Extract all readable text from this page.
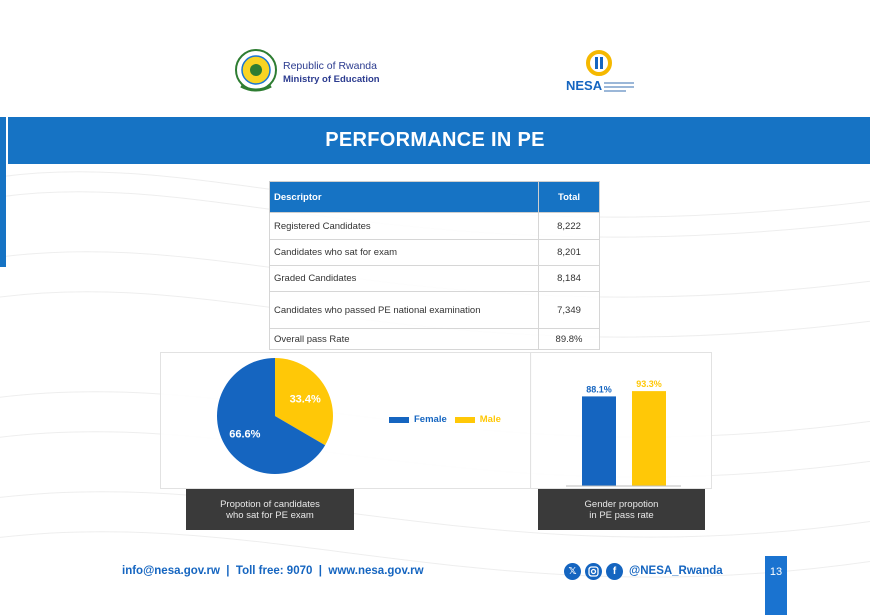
Republic of Rwanda
Ministry of Education	NESA
PERFORMANCE IN PE
Descriptor	Total
Registered Candidates	8,222
Candidates who sat for exam	8,201
Graded Candidates	8,184
Candidates who passed PE national examination	7,349
Overall pass Rate	89.8%
33.4%
66.6%
Female	Male
88.1%
93.3%
Propotion of candidates
who sat for PE exam
Gender propotion
in PE pass rate
info@nesa.gov.rw  |  Toll free: 9070  |  www.nesa.gov.rw	𝕏	f	@NESA_Rwanda	13
